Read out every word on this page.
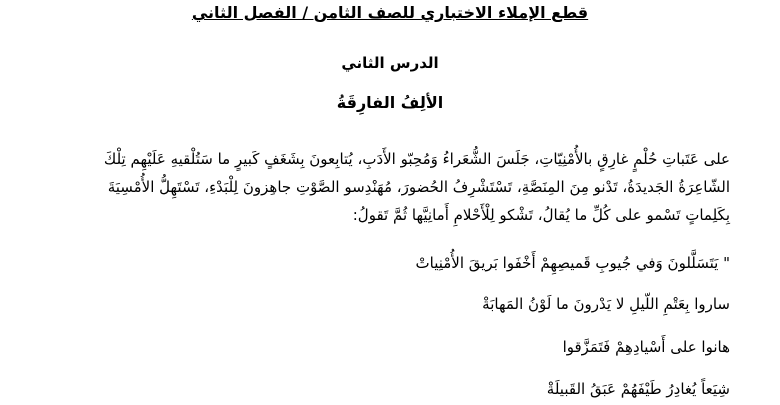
قطع الإملاء الاختباري للصف الثامن / الفصل الثاني
الدرس الثاني
الألِفُ الفارِقَةُ
على عَتَباتِ حُلْمٍ غارِقٍ بالأُمْنِيّاتِ، جَلَسَ الشُّعَراءُ وَمُحِبّو الأَدَبِ، يُتابِعونَ بِشَغَفٍ كَبيرٍ ما سَتُلْقيهِ عَلَيْهِم تِلْكَ
الشّاعِرَةُ الجَديدَةُ، تَدْنو مِنَ المِنَصَّةِ، تَسْتَشْرِفُ الحُضورَ، مُهَنْدِسو الصَّوْتِ جاهِزونَ لِلْبَدْءِ، تَسْتَهِلُّ الأُمْسِيَةَ
بِكَلِماتٍ تَسْمو على كُلِّ ما يُقالُ، تَشْكو لِلْأَحْلامِ أَمانِيَّها ثُمَّ تَقولُ:
" يَتَسَلَّلونَ وَفي جُيوبِ قَميصِهِمْ أَخْفَوا بَريقَ الأُمْنِياتْ
ساروا بِعَتْمِ اللّيلِ لا يَدْرونَ ما لَوْنُ المَهابَةْ
هانوا على أَسْيادِهِمْ فَتَمَزَّقوا
شِيَعاً يُغادِرُ طَيْفَهُمْ عَبَقُ القَبيلَةْ
